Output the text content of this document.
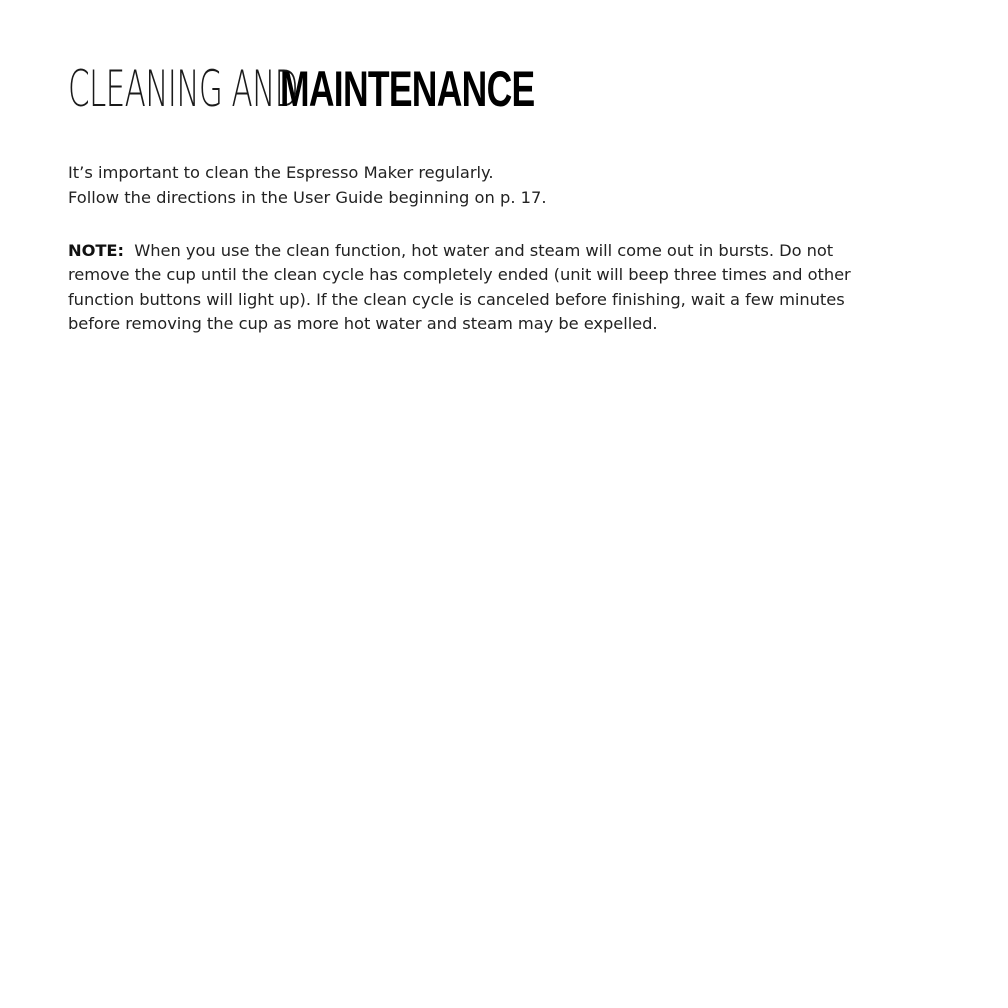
CLEANING ANDMAINTENANCE

It’s important to clean the Espresso Maker regularly.
Follow the directions in the User Guide beginning on p. 17.

NOTE:  When you use the clean function, hot water and steam will come out in bursts. Do not
remove the cup until the clean cycle has completely ended (unit will beep three times and other
function buttons will light up). If the clean cycle is canceled before finishing, wait a few minutes
before removing the cup as more hot water and steam may be expelled.
